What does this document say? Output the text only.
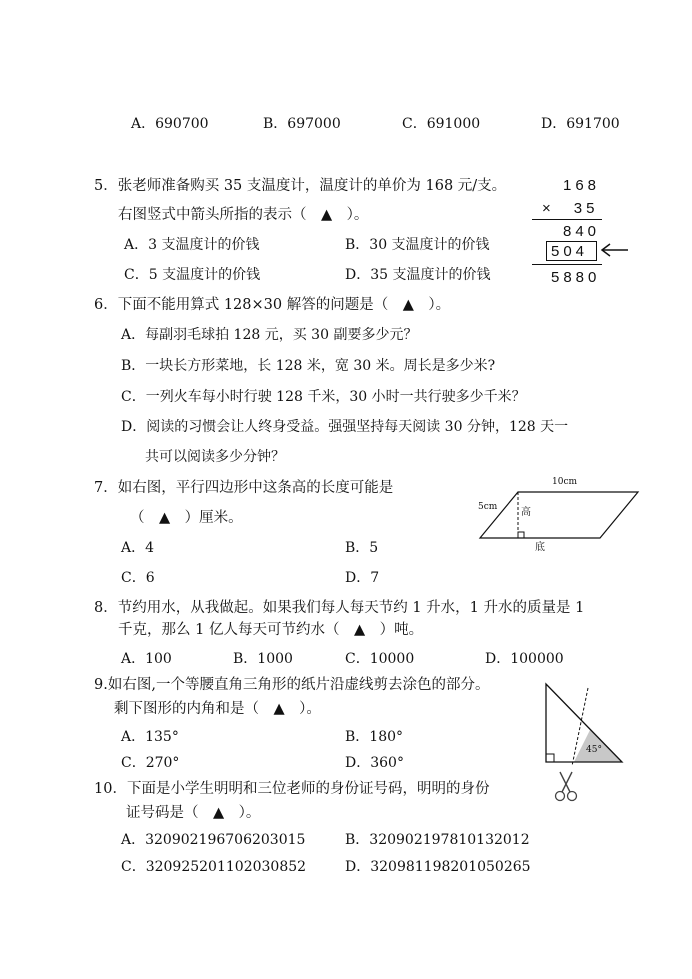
A．690700	B．697000	C．691000	D．691700
5．张老师准备购买 35 支温度计，温度计的单价为 168 元/支。
右图竖式中箭头所指的表示（　▲　）。
A．3 支温度计的价钱	B．30 支温度计的价钱
C．5 支温度计的价钱	D．35 支温度计的价钱
168
×　35
840
504
5880
6．下面不能用算式 128×30 解答的问题是（　▲　）。
A．每副羽毛球拍 128 元，买 30 副要多少元？
B．一块长方形菜地，长 128 米，宽 30 米。周长是多少米?
C．一列火车每小时行驶 128 千米，30 小时一共行驶多少千米？
D．阅读的习惯会让人终身受益。强强坚持每天阅读 30 分钟，128 天一
共可以阅读多少分钟？
7．如右图，平行四边形中这条高的长度可能是
（　▲　）厘米。
A．4	B．5
C．6	D．7
10cm
5cm 高
底
8．节约用水，从我做起。如果我们每人每天节约 1 升水，1 升水的质量是 1
千克，那么 1 亿人每天可节约水（　▲　）吨。
A．100	B．1000	C．10000	D．100000
9.如右图,一个等腰直角三角形的纸片沿虚线剪去涂色的部分。
剩下图形的内角和是（　▲　）。
A．135°	B．180°
C．270°	D．360°
45°
10．下面是小学生明明和三位老师的身份证号码，明明的身份
证号码是（　▲　）。
A．320902196706203015	B．320902197810132012
C．320925201102030852	D．320981198201050265
